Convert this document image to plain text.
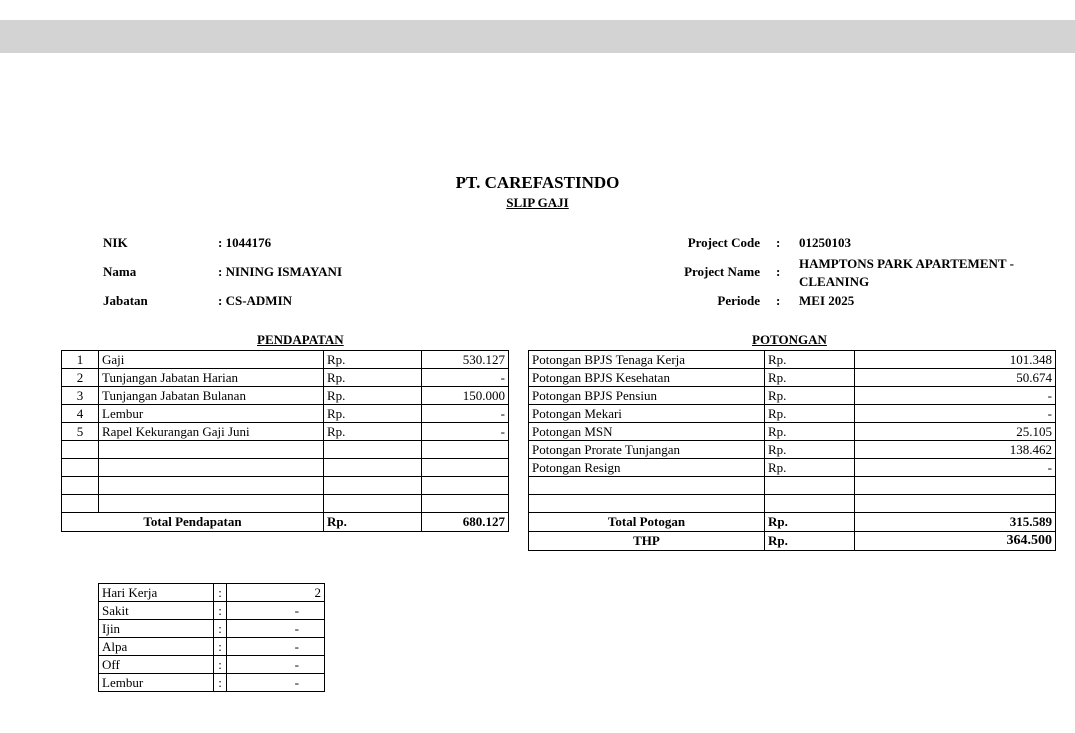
PT. CAREFASTINDO
SLIP GAJI
NIK	: 1044176
Nama	: NINING ISMAYANI
Jabatan	: CS-ADMIN
Project Code : 01250103
Project Name :
HAMPTONS PARK APARTEMENT -
CLEANING
Periode : MEI 2025
PENDAPATAN	POTONGAN
1	Gaji	Rp.	530.127
2	Tunjangan Jabatan Harian	Rp.	-
3	Tunjangan Jabatan Bulanan	Rp.	150.000
4	Lembur	Rp.	-
5	Rapel Kekurangan Gaji Juni	Rp.	-

Total Pendapatan		Rp.	680.127
Potongan BPJS Tenaga Kerja	Rp.	101.348
Potongan BPJS Kesehatan	Rp.	50.674
Potongan BPJS Pensiun	Rp.	-
Potongan Mekari	Rp.	-
Potongan MSN	Rp.	25.105
Potongan Prorate Tunjangan	Rp.	138.462
Potongan Resign	Rp.	-

Total Potogan	Rp.	315.589
THP	Rp.	364.500
Hari Kerja	:	2
Sakit	:	-
Ijin	:	-
Alpa	:	-
Off	:	-
Lembur	:	-
